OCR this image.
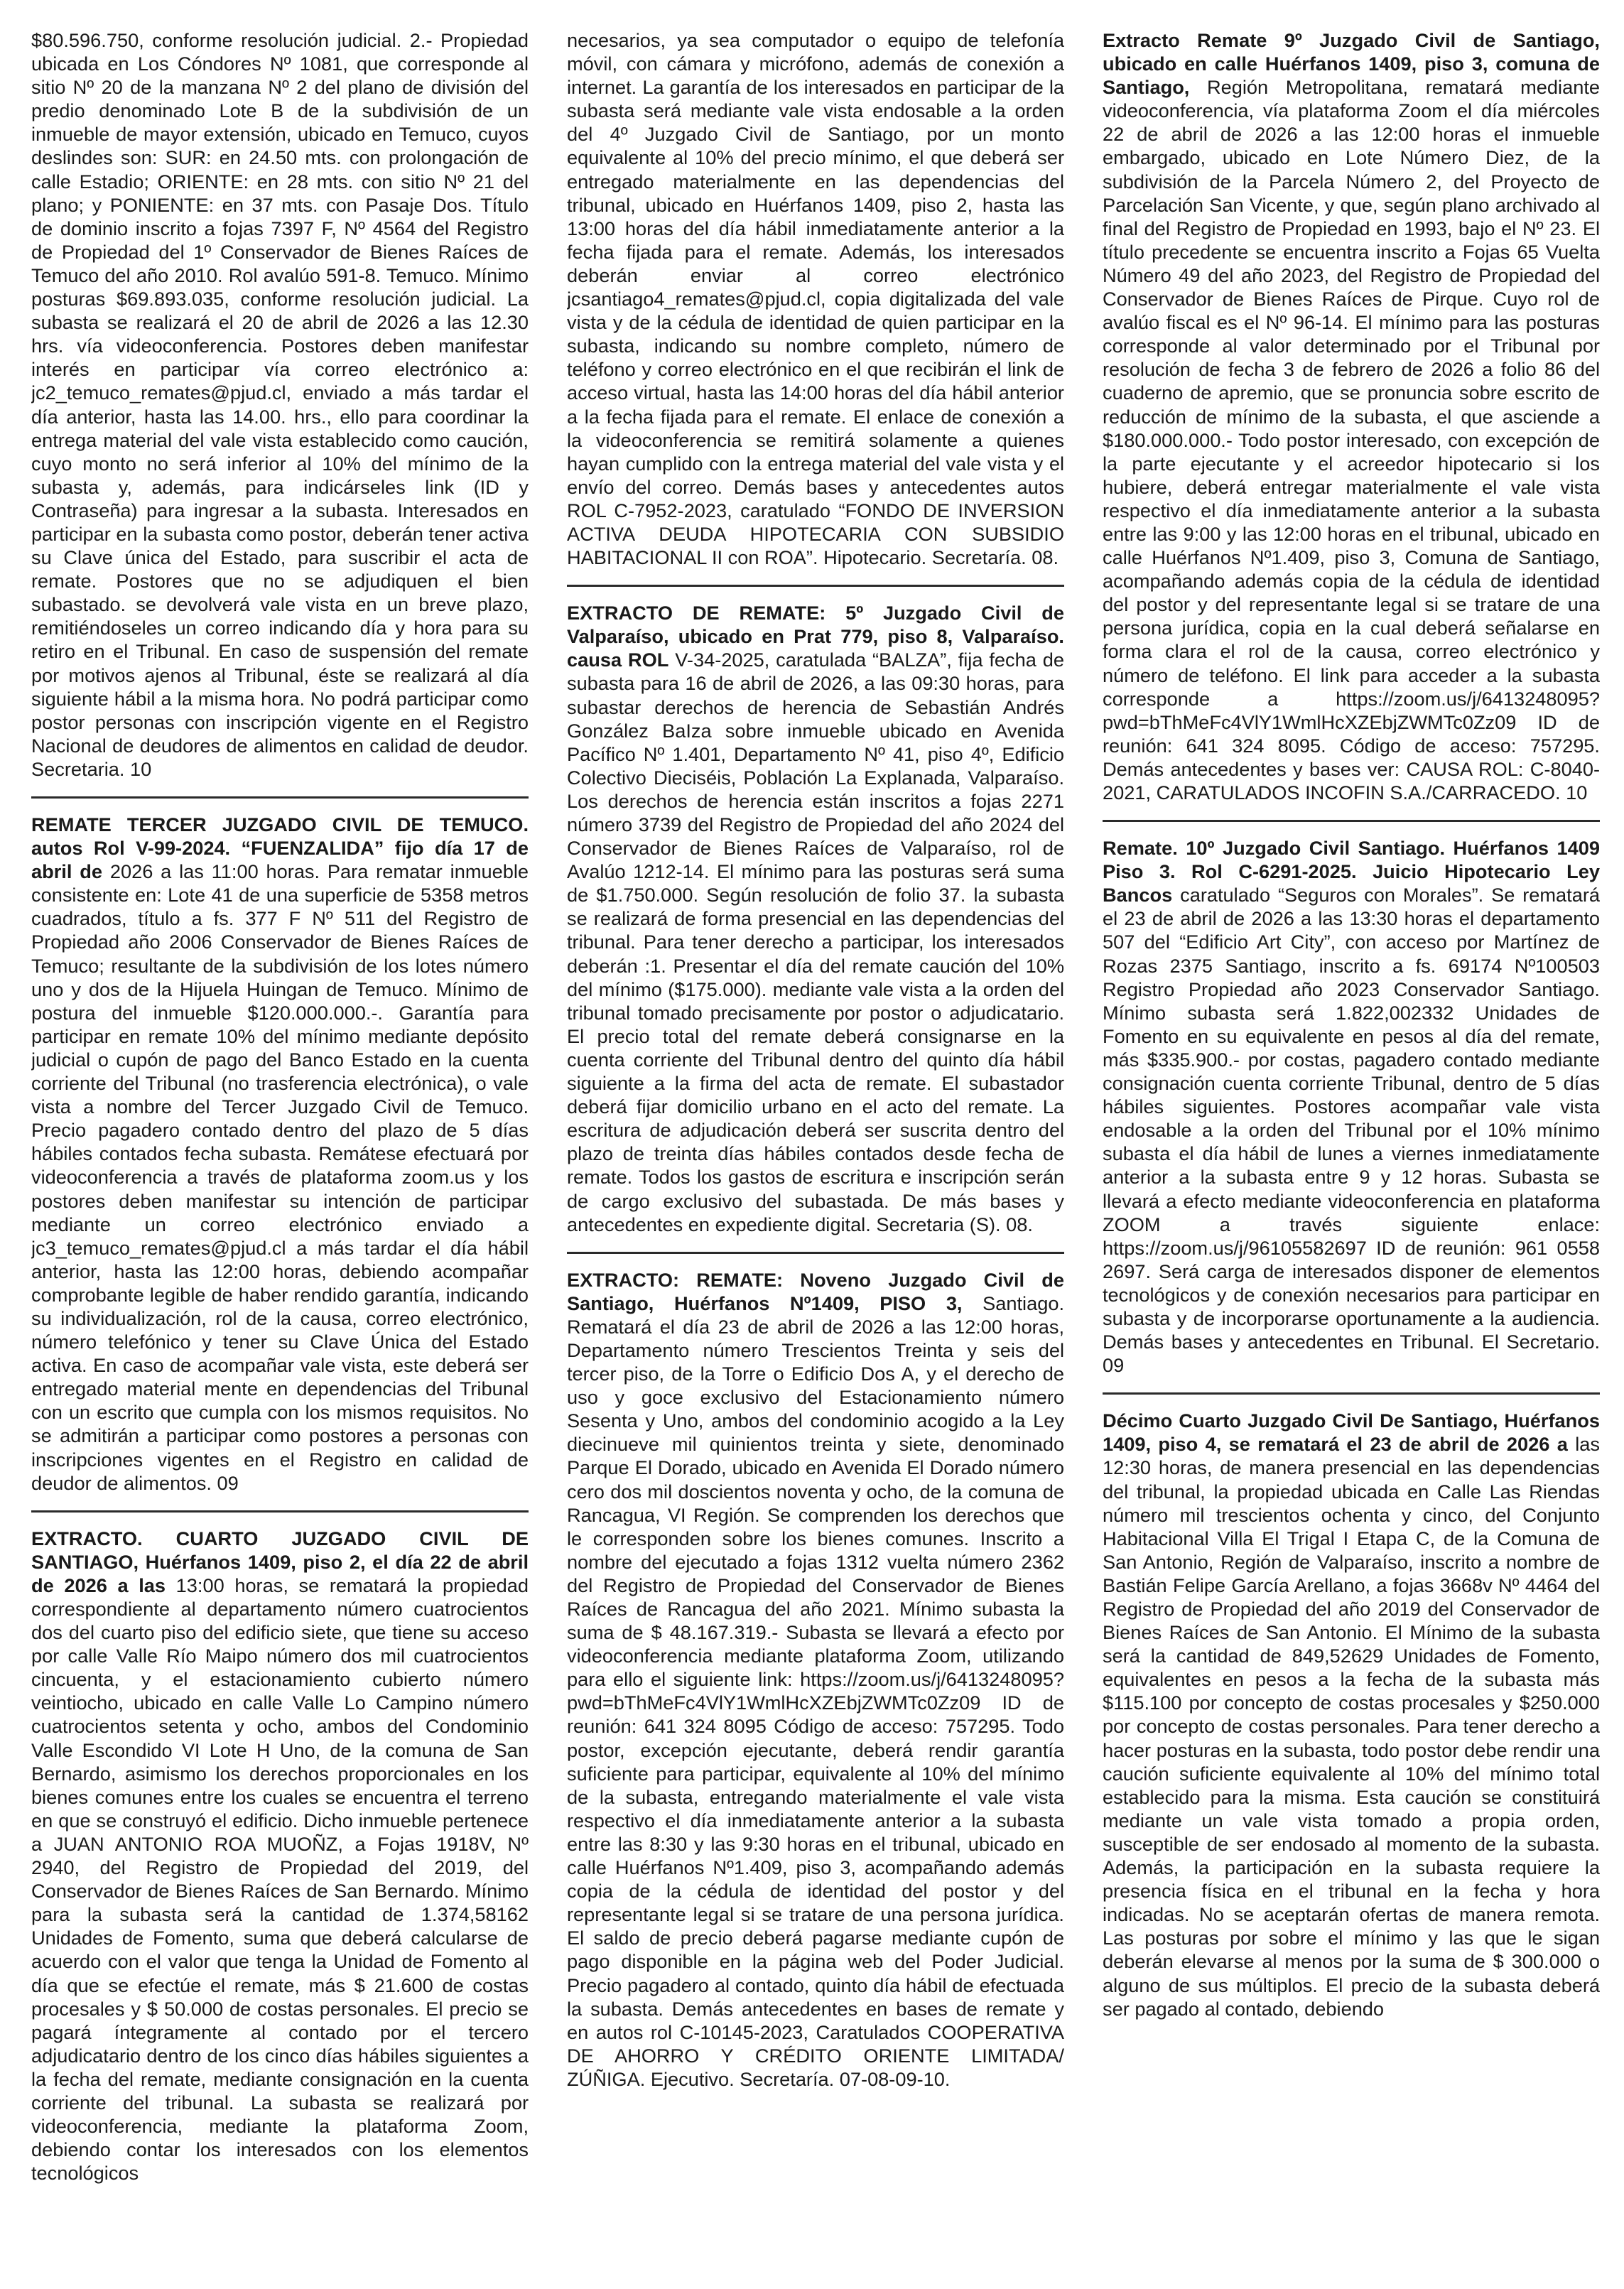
$80.596.750, conforme resolución judicial. 2.- Propiedad ubicada en Los Cóndores Nº 1081, que corresponde al sitio Nº 20 de la manzana Nº 2 del plano de división del predio denominado Lote B de la subdivisión de un inmueble de mayor extensión, ubicado en Temuco, cuyos deslindes son: SUR: en 24.50 mts. con prolongación de calle Estadio; ORIENTE: en 28 mts. con sitio Nº 21 del plano; y PONIENTE: en 37 mts. con Pasaje Dos. Título de dominio inscrito a fojas 7397 F, Nº 4564 del Registro de Propiedad del 1º Conservador de Bienes Raíces de Temuco del año 2010. Rol avalúo 591-8. Temuco. Mínimo posturas $69.893.035, conforme resolución judicial. La subasta se realizará el 20 de abril de 2026 a las 12.30 hrs. vía videoconferencia. Postores deben manifestar interés en participar vía correo electrónico a: jc2_temuco_remates@pjud.cl, enviado a más tardar el día anterior, hasta las 14.00. hrs., ello para coordinar la entrega material del vale vista establecido como caución, cuyo monto no será inferior al 10% del mínimo de la subasta y, además, para indicárseles link (ID y Contraseña) para ingresar a la subasta. Interesados en participar en la subasta como postor, deberán tener activa su Clave única del Estado, para suscribir el acta de remate. Postores que no se adjudiquen el bien subastado. se devolverá vale vista en un breve plazo, remitiéndoseles un correo indicando día y hora para su retiro en el Tribunal. En caso de suspensión del remate por motivos ajenos al Tribunal, éste se realizará al día siguiente hábil a la misma hora. No podrá participar como postor personas con inscripción vigente en el Registro Nacional de deudores de alimentos en calidad de deudor. Secretaria. 10

REMATE TERCER JUZGADO CIVIL DE TEMUCO. autos Rol V-99-2024. “FUENZALIDA” fijo día 17 de abril de 2026 a las 11:00 horas. Para rematar inmueble consistente en: Lote 41 de una superficie de 5358 metros cuadrados, título a fs. 377 F Nº 511 del Registro de Propiedad año 2006 Conservador de Bienes Raíces de Temuco; resultante de la subdivisión de los lotes número uno y dos de la Hijuela Huingan de Temuco. Mínimo de postura del inmueble $120.000.000.-. Garantía para participar en remate 10% del mínimo mediante depósito judicial o cupón de pago del Banco Estado en la cuenta corriente del Tribunal (no trasferencia electrónica), o vale vista a nombre del Tercer Juzgado Civil de Temuco. Precio pagadero contado dentro del plazo de 5 días hábiles contados fecha subasta. Remátese efectuará por videoconferencia a través de plataforma zoom.us y los postores deben manifestar su intención de participar mediante un correo electrónico enviado a jc3_temuco_remates@pjud.cl a más tardar el día hábil anterior, hasta las 12:00 horas, debiendo acompañar comprobante legible de haber rendido garantía, indicando su individualización, rol de la causa, correo electrónico, número telefónico y tener su Clave Única del Estado activa. En caso de acompañar vale vista, este deberá ser entregado material mente en dependencias del Tribunal con un escrito que cumpla con los mismos requisitos. No se admitirán a participar como postores a personas con inscripciones vigentes en el Registro en calidad de deudor de alimentos. 09

EXTRACTO. CUARTO JUZGADO CIVIL DE SANTIAGO, Huérfanos 1409, piso 2, el día 22 de abril de 2026 a las 13:00 horas, se rematará la propiedad correspondiente al departamento número cuatrocientos dos del cuarto piso del edificio siete, que tiene su acceso por calle Valle Río Maipo número dos mil cuatrocientos cincuenta, y el estacionamiento cubierto número veintiocho, ubicado en calle Valle Lo Campino número cuatrocientos setenta y ocho, ambos del Condominio Valle Escondido VI Lote H Uno, de la comuna de San Bernardo, asimismo los derechos proporcionales en los bienes comunes entre los cuales se encuentra el terreno en que se construyó el edificio. Dicho inmueble pertenece a JUAN ANTONIO ROA MUOÑZ, a Fojas 1918V, Nº 2940, del Registro de Propiedad del 2019, del Conservador de Bienes Raíces de San Bernardo. Mínimo para la subasta será la cantidad de 1.374,58162 Unidades de Fomento, suma que deberá calcularse de acuerdo con el valor que tenga la Unidad de Fomento al día que se efectúe el remate, más $ 21.600 de costas procesales y $ 50.000 de costas personales. El precio se pagará íntegramente al contado por el tercero adjudicatario dentro de los cinco días hábiles siguientes a la fecha del remate, mediante consignación en la cuenta corriente del tribunal. La subasta se realizará por videoconferencia, mediante la plataforma Zoom, debiendo contar los interesados con los elementos tecnológicos

necesarios, ya sea computador o equipo de telefonía móvil, con cámara y micrófono, además de conexión a internet. La garantía de los interesados en participar de la subasta será mediante vale vista endosable a la orden del 4º Juzgado Civil de Santiago, por un monto equivalente al 10% del precio mínimo, el que deberá ser entregado materialmente en las dependencias del tribunal, ubicado en Huérfanos 1409, piso 2, hasta las 13:00 horas del día hábil inmediatamente anterior a la fecha fijada para el remate. Además, los interesados deberán enviar al correo electrónico jcsantiago4_remates@pjud.cl, copia digitalizada del vale vista y de la cédula de identidad de quien participar en la subasta, indicando su nombre completo, número de teléfono y correo electrónico en el que recibirán el link de acceso virtual, hasta las 14:00 horas del día hábil anterior a la fecha fijada para el remate. El enlace de conexión a la videoconferencia se remitirá solamente a quienes hayan cumplido con la entrega material del vale vista y el envío del correo. Demás bases y antecedentes autos ROL C-7952-2023, caratulado “FONDO DE INVERSION ACTIVA DEUDA HIPOTECARIA CON SUBSIDIO HABITACIONAL II con ROA”. Hipotecario. Secretaría. 08.

EXTRACTO DE REMATE: 5º Juzgado Civil de Valparaíso, ubicado en Prat 779, piso 8, Valparaíso. causa ROL V-34-2025, caratulada “BALZA”, fija fecha de subasta para 16 de abril de 2026, a las 09:30 horas, para subastar derechos de herencia de Sebastián Andrés González BaIza sobre inmueble ubicado en Avenida Pacífico Nº 1.401, Departamento Nº 41, piso 4º, Edificio Colectivo Dieciséis, Población La Explanada, Valparaíso. Los derechos de herencia están inscritos a fojas 2271 número 3739 del Registro de Propiedad del año 2024 del Conservador de Bienes Raíces de Valparaíso, rol de Avalúo 1212-14. El mínimo para las posturas será suma de $1.750.000. Según resolución de folio 37. la subasta se realizará de forma presencial en las dependencias del tribunal. Para tener derecho a participar, los interesados deberán :1. Presentar el día del remate caución del 10% del mínimo ($175.000). mediante vale vista a la orden del tribunal tomado precisamente por postor o adjudicatario. El precio total del remate deberá consignarse en la cuenta corriente del Tribunal dentro del quinto día hábil siguiente a la firma del acta de remate. El subastador deberá fijar domicilio urbano en el acto del remate. La escritura de adjudicación deberá ser suscrita dentro del plazo de treinta días hábiles contados desde fecha de remate. Todos los gastos de escritura e inscripción serán de cargo exclusivo del subastada. De más bases y antecedentes en expediente digital. Secretaria (S). 08.

EXTRACTO: REMATE: Noveno Juzgado Civil de Santiago, Huérfanos Nº1409, PISO 3, Santiago. Rematará el día 23 de abril de 2026 a las 12:00 horas, Departamento número Trescientos Treinta y seis del tercer piso, de la Torre o Edificio Dos A, y el derecho de uso y goce exclusivo del Estacionamiento número Sesenta y Uno, ambos del condominio acogido a la Ley diecinueve mil quinientos treinta y siete, denominado Parque El Dorado, ubicado en Avenida El Dorado número cero dos mil doscientos noventa y ocho, de la comuna de Rancagua, VI Región. Se comprenden los derechos que le corresponden sobre los bienes comunes. Inscrito a nombre del ejecutado a fojas 1312 vuelta número 2362 del Registro de Propiedad del Conservador de Bienes Raíces de Rancagua del año 2021. Mínimo subasta la suma de $ 48.167.319.- Subasta se llevará a efecto por videoconferencia mediante plataforma Zoom, utilizando para ello el siguiente link: https://zoom.us/j/6413248095?pwd=bThMeFc4VlY1WmlHcXZEbjZWMTc0Zz09 ID de reunión: 641 324 8095 Código de acceso: 757295. Todo postor, excepción ejecutante, deberá rendir garantía suficiente para participar, equivalente al 10% del mínimo de la subasta, entregando materialmente el vale vista respectivo el día inmediatamente anterior a la subasta entre las 8:30 y las 9:30 horas en el tribunal, ubicado en calle Huérfanos Nº1.409, piso 3, acompañando además copia de la cédula de identidad del postor y del representante legal si se tratare de una persona jurídica. El saldo de precio deberá pagarse mediante cupón de pago disponible en la página web del Poder Judicial. Precio pagadero al contado, quinto día hábil de efectuada la subasta. Demás antecedentes en bases de remate y en autos rol C-10145-2023, Caratulados COOPERATIVA DE AHORRO Y CRÉDITO ORIENTE LIMITADA/ ZÚÑIGA. Ejecutivo. Secretaría. 07-08-09-10.

Extracto Remate 9º Juzgado Civil de Santiago, ubicado en calle Huérfanos 1409, piso 3, comuna de Santiago, Región Metropolitana, rematará mediante videoconferencia, vía plataforma Zoom el día miércoles 22 de abril de 2026 a las 12:00 horas el inmueble embargado, ubicado en Lote Número Diez, de la subdivisión de la Parcela Número 2, del Proyecto de Parcelación San Vicente, y que, según plano archivado al final del Registro de Propiedad en 1993, bajo el Nº 23. El título precedente se encuentra inscrito a Fojas 65 Vuelta Número 49 del año 2023, del Registro de Propiedad del Conservador de Bienes Raíces de Pirque. Cuyo rol de avalúo fiscal es el Nº 96-14. El mínimo para las posturas corresponde al valor determinado por el Tribunal por resolución de fecha 3 de febrero de 2026 a folio 86 del cuaderno de apremio, que se pronuncia sobre escrito de reducción de mínimo de la subasta, el que asciende a $180.000.000.- Todo postor interesado, con excepción de la parte ejecutante y el acreedor hipotecario si los hubiere, deberá entregar materialmente el vale vista respectivo el día inmediatamente anterior a la subasta entre las 9:00 y las 12:00 horas en el tribunal, ubicado en calle Huérfanos Nº1.409, piso 3, Comuna de Santiago, acompañando además copia de la cédula de identidad del postor y del representante legal si se tratare de una persona jurídica, copia en la cual deberá señalarse en forma clara el rol de la causa, correo electrónico y número de teléfono. El link para acceder a la subasta corresponde a https://zoom.us/j/6413248095?pwd=bThMeFc4VlY1WmlHcXZEbjZWMTc0Zz09 ID de reunión: 641 324 8095. Código de acceso: 757295. Demás antecedentes y bases ver: CAUSA ROL: C-8040-2021, CARATULADOS INCOFIN S.A./CARRACEDO. 10

Remate. 10º Juzgado Civil Santiago. Huérfanos 1409 Piso 3. Rol C-6291-2025. Juicio Hipotecario Ley Bancos caratulado “Seguros con Morales”. Se rematará el 23 de abril de 2026 a las 13:30 horas el departamento 507 del “Edificio Art City”, con acceso por Martínez de Rozas 2375 Santiago, inscrito a fs. 69174 Nº100503 Registro Propiedad año 2023 Conservador Santiago. Mínimo subasta será 1.822,002332 Unidades de Fomento en su equivalente en pesos al día del remate, más $335.900.- por costas, pagadero contado mediante consignación cuenta corriente Tribunal, dentro de 5 días hábiles siguientes. Postores acompañar vale vista endosable a la orden del Tribunal por el 10% mínimo subasta el día hábil de lunes a viernes inmediatamente anterior a la subasta entre 9 y 12 horas. Subasta se llevará a efecto mediante videoconferencia en plataforma ZOOM a través siguiente enlace: https://zoom.us/j/96105582697 ID de reunión: 961 0558 2697. Será carga de interesados disponer de elementos tecnológicos y de conexión necesarios para participar en subasta y de incorporarse oportunamente a la audiencia. Demás bases y antecedentes en Tribunal. El Secretario. 09

Décimo Cuarto Juzgado Civil De Santiago, Huérfanos 1409, piso 4, se rematará el 23 de abril de 2026 a las 12:30 horas, de manera presencial en las dependencias del tribunal, la propiedad ubicada en Calle Las Riendas número mil trescientos ochenta y cinco, del Conjunto Habitacional Villa El Trigal I Etapa C, de la Comuna de San Antonio, Región de Valparaíso, inscrito a nombre de Bastián Felipe García Arellano, a fojas 3668v Nº 4464 del Registro de Propiedad del año 2019 del Conservador de Bienes Raíces de San Antonio. El Mínimo de la subasta será la cantidad de 849,52629 Unidades de Fomento, equivalentes en pesos a la fecha de la subasta más $115.100 por concepto de costas procesales y $250.000 por concepto de costas personales. Para tener derecho a hacer posturas en la subasta, todo postor debe rendir una caución suficiente equivalente al 10% del mínimo total establecido para la misma. Esta caución se constituirá mediante un vale vista tomado a propia orden, susceptible de ser endosado al momento de la subasta. Además, la participación en la subasta requiere la presencia física en el tribunal en la fecha y hora indicadas. No se aceptarán ofertas de manera remota. Las posturas por sobre el mínimo y las que le sigan deberán elevarse al menos por la suma de $ 300.000 o alguno de sus múltiplos. El precio de la subasta deberá ser pagado al contado, debiendo
